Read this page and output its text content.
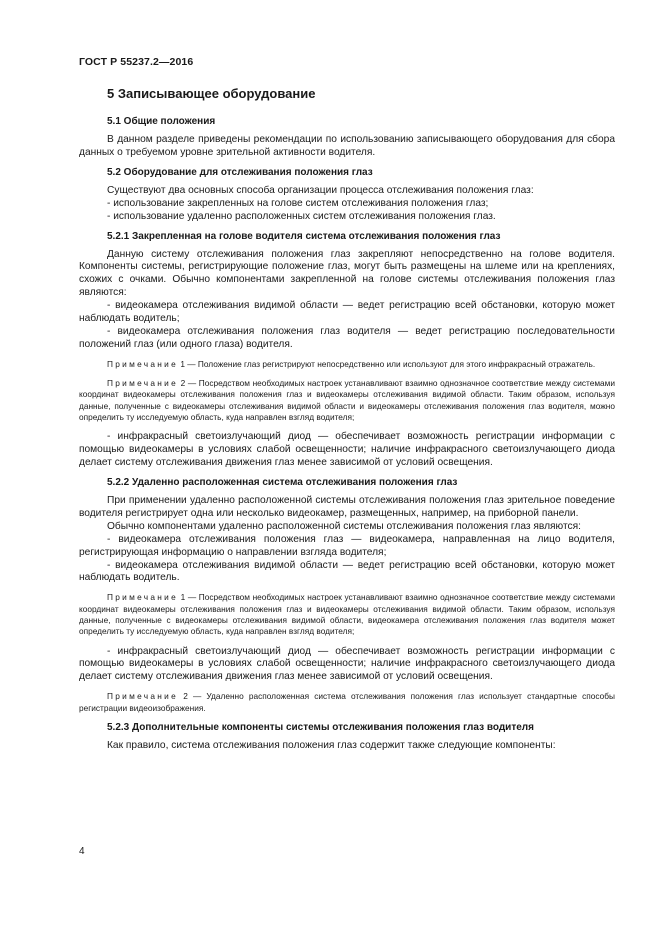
ГОСТ Р 55237.2—2016
5 Записывающее оборудование
5.1 Общие положения

В данном разделе приведены рекомендации по использованию записывающего оборудования для сбора данных о требуемом уровне зрительной активности водителя.

5.2 Оборудование для отслеживания положения глаз

Существуют два основных способа организации процесса отслеживания положения глаз:

- использование закрепленных на голове систем отслеживания положения глаз;

- использование удаленно расположенных систем отслеживания положения глаз.

5.2.1 Закрепленная на голове водителя система отслеживания положения глаз

Данную систему отслеживания положения глаз закрепляют непосредственно на голове водителя. Компоненты системы, регистрирующие положение глаз, могут быть размещены на шлеме или на креплениях, схожих с очками. Обычно компонентами закрепленной на голове системы отслеживания положения глаз являются:

- видеокамера отслеживания видимой области — ведет регистрацию всей обстановки, которую может наблюдать водитель;

- видеокамера отслеживания положения глаз водителя — ведет регистрацию последовательности положений глаз (или одного глаза) водителя.

Примечание 1 — Положение глаз регистрируют непосредственно или используют для этого инфракрасный отражатель.

Примечание 2 — Посредством необходимых настроек устанавливают взаимно однозначное соответствие между системами координат видеокамеры отслеживания положения глаз и видеокамеры отслеживания видимой области. Таким образом, используя данные, полученные с видеокамеры отслеживания видимой области и видеокамеры отслеживания положения глаз водителя, можно определить ту исследуемую область, куда направлен взгляд водителя;

- инфракрасный светоизлучающий диод — обеспечивает возможность регистрации информации с помощью видеокамеры в условиях слабой освещенности; наличие инфракрасного светоизлучающего диода делает систему отслеживания движения глаз менее зависимой от условий освещения.

5.2.2 Удаленно расположенная система отслеживания положения глаз

При применении удаленно расположенной системы отслеживания положения глаз зрительное поведение водителя регистрирует одна или несколько видеокамер, размещенных, например, на приборной панели.

Обычно компонентами удаленно расположенной системы отслеживания положения глаз являются:

- видеокамера отслеживания положения глаз — видеокамера, направленная на лицо водителя, регистрирующая информацию о направлении взгляда водителя;

- видеокамера отслеживания видимой области — ведет регистрацию всей обстановки, которую может наблюдать водитель.

Примечание 1 — Посредством необходимых настроек устанавливают взаимно однозначное соответствие между системами координат видеокамеры отслеживания положения глаз и видеокамеры отслеживания видимой области. Таким образом, используя данные, полученные с видеокамеры отслеживания видимой области, видеокамера отслеживания положения глаз водителя может определить ту исследуемую область, куда направлен взгляд водителя;

- инфракрасный светоизлучающий диод — обеспечивает возможность регистрации информации с помощью видеокамеры в условиях слабой освещенности; наличие инфракрасного светоизлучающего диода делает систему отслеживания движения глаз менее зависимой от условий освещения.

Примечание 2 — Удаленно расположенная система отслеживания положения глаз использует стандартные способы регистрации видеоизображения.

5.2.3 Дополнительные компоненты системы отслеживания положения глаз водителя

Как правило, система отслеживания положения глаз содержит также следующие компоненты:

4
